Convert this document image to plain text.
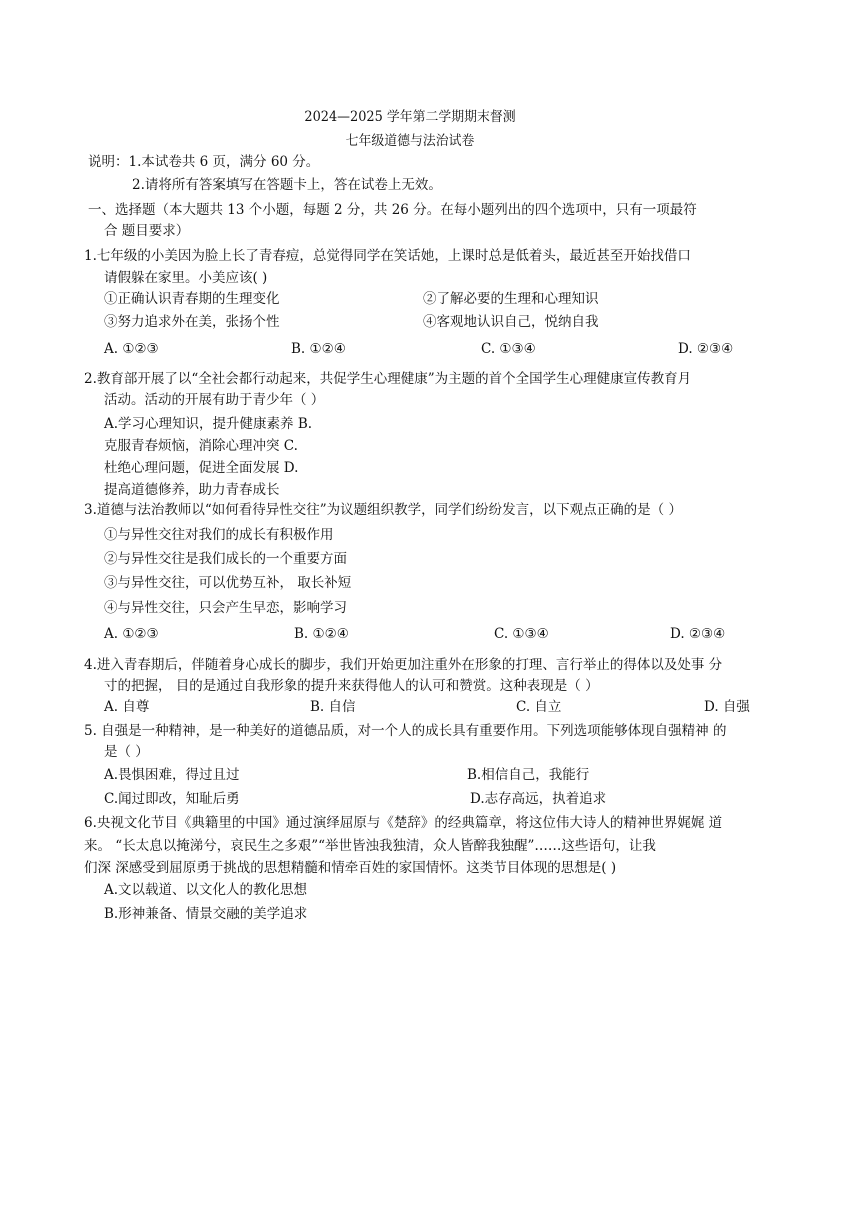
2024—2025 学年第二学期期末督测
七年级道德与法治试卷
说明：1.本试卷共 6 页，满分 60 分。
2.请将所有答案填写在答题卡上，答在试卷上无效。
一、选择题（本大题共 13 个小题，每题 2 分，共 26 分。在每小题列出的四个选项中，只有一项最符
合 题目要求）
1.七年级的小美因为脸上长了青春痘，总觉得同学在笑话她，上课时总是低着头，最近甚至开始找借口
请假躲在家里。小美应该( )
①正确认识青春期的生理变化	②了解必要的生理和心理知识
③努力追求外在美，张扬个性	④客观地认识自己，悦纳自我
A. ①②③	B. ①②④	C. ①③④	D. ②③④
2.教育部开展了以“全社会都行动起来，共促学生心理健康”为主题的首个全国学生心理健康宣传教育月
活动。活动的开展有助于青少年（ ）
A.学习心理知识，提升健康素养 B.
克服青春烦恼，消除心理冲突 C.
杜绝心理问题，促进全面发展 D.
提高道德修养，助力青春成长
3.道德与法治教师以“如何看待异性交往”为议题组织教学，同学们纷纷发言，以下观点正确的是（ ）
①与异性交往对我们的成长有积极作用
②与异性交往是我们成长的一个重要方面
③与异性交往，可以优势互补， 取长补短
④与异性交往，只会产生早恋，影响学习
A. ①②③	B. ①②④	C. ①③④	D. ②③④
4.进入青春期后，伴随着身心成长的脚步，我们开始更加注重外在形象的打理、言行举止的得体以及处事 分
寸的把握， 目的是通过自我形象的提升来获得他人的认可和赞赏。这种表现是（ ）
A. 自尊	B. 自信	C. 自立	D. 自强
5. 自强是一种精神，是一种美好的道德品质，对一个人的成长具有重要作用。下列选项能够体现自强精神 的
是（ ）
A.畏惧困难，得过且过	B.相信自己，我能行
C.闻过即改，知耻后勇	D.志存高远，执着追求
6.央视文化节目《典籍里的中国》通过演绎屈原与《楚辞》的经典篇章，将这位伟大诗人的精神世界娓娓 道
来。 “长太息以掩涕兮，哀民生之多艰”“举世皆浊我独清，众人皆醉我独醒”……这些语句，让我
们深 深感受到屈原勇于挑战的思想精髓和情牵百姓的家国情怀。这类节目体现的思想是( )
A.文以载道、以文化人的教化思想
B.形神兼备、情景交融的美学追求
